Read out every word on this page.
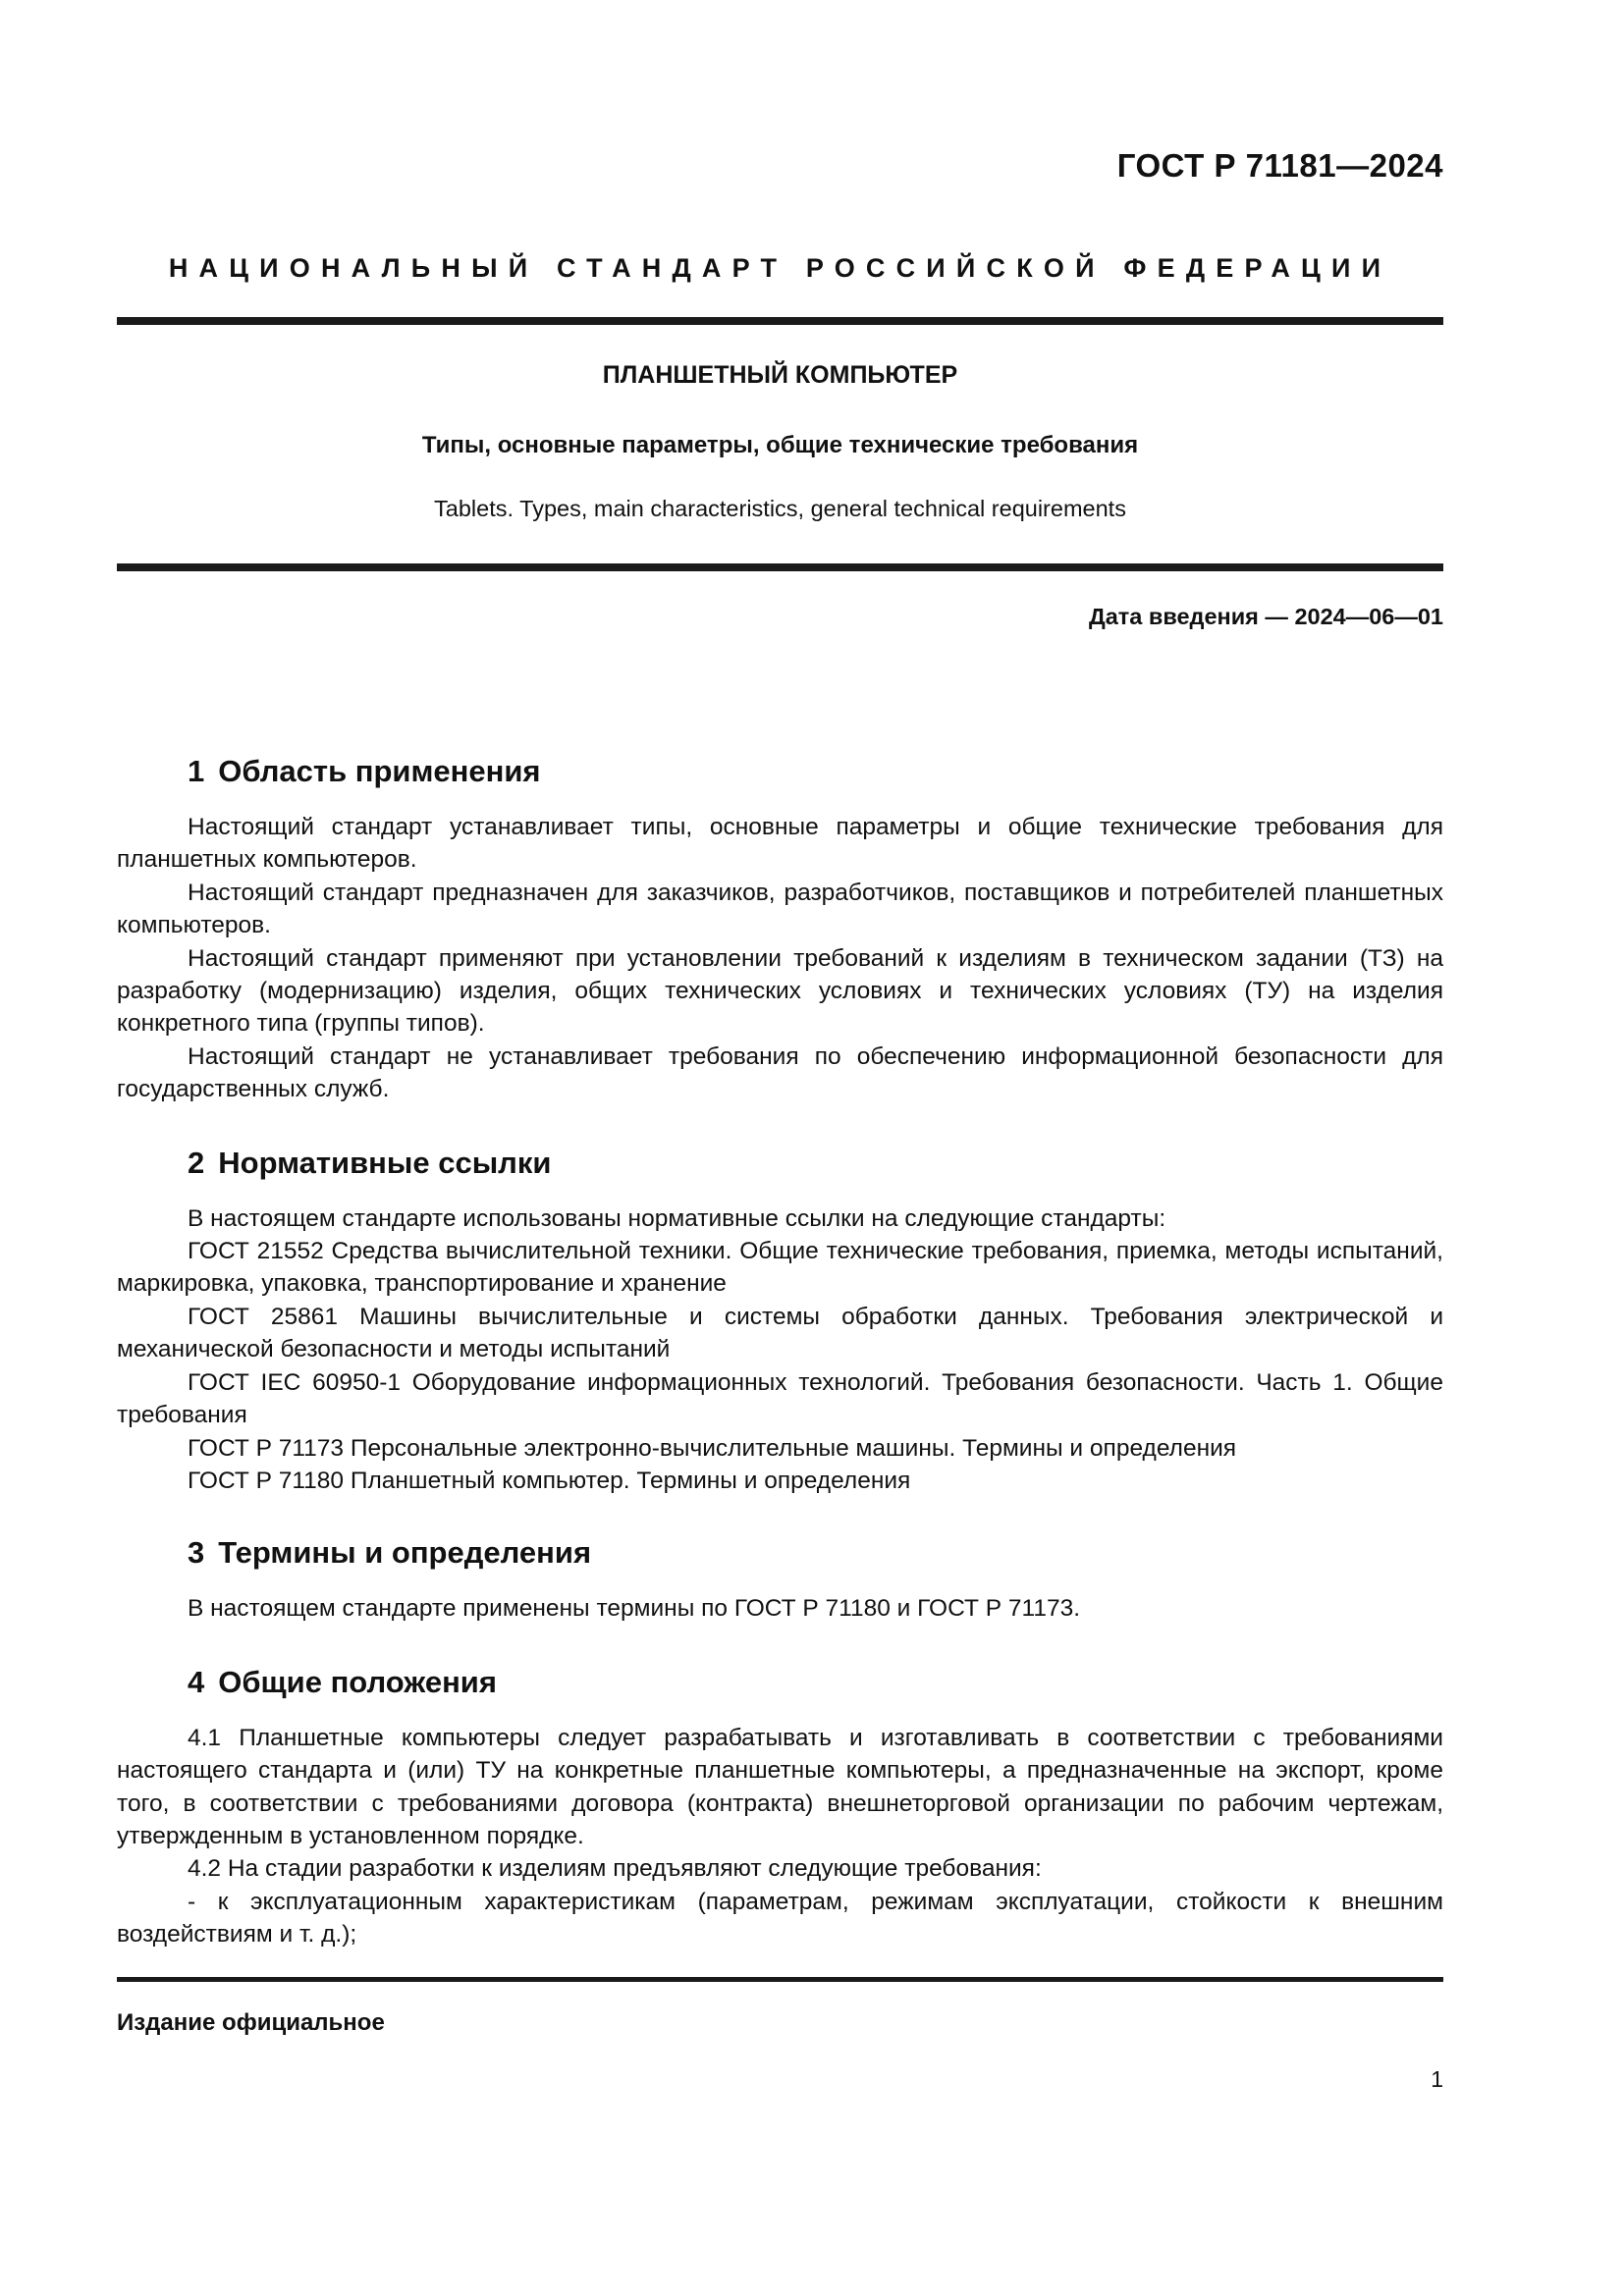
ГОСТ Р 71181—2024
НАЦИОНАЛЬНЫЙ СТАНДАРТ РОССИЙСКОЙ ФЕДЕРАЦИИ
ПЛАНШЕТНЫЙ КОМПЬЮТЕР
Типы, основные параметры, общие технические требования
Tablets. Types, main characteristics, general technical requirements
Дата введения — 2024—06—01
1 Область применения

Настоящий стандарт устанавливает типы, основные параметры и общие технические требования для планшетных компьютеров.

Настоящий стандарт предназначен для заказчиков, разработчиков, поставщиков и потребителей планшетных компьютеров.

Настоящий стандарт применяют при установлении требований к изделиям в техническом задании (ТЗ) на разработку (модернизацию) изделия, общих технических условиях и технических условиях (ТУ) на изделия конкретного типа (группы типов).

Настоящий стандарт не устанавливает требования по обеспечению информационной безопасности для государственных служб.

2 Нормативные ссылки

В настоящем стандарте использованы нормативные ссылки на следующие стандарты:

ГОСТ 21552 Средства вычислительной техники. Общие технические требования, приемка, методы испытаний, маркировка, упаковка, транспортирование и хранение

ГОСТ 25861 Машины вычислительные и системы обработки данных. Требования электрической и механической безопасности и методы испытаний

ГОСТ IEC 60950-1 Оборудование информационных технологий. Требования безопасности. Часть 1. Общие требования

ГОСТ Р 71173 Персональные электронно-вычислительные машины. Термины и определения

ГОСТ Р 71180 Планшетный компьютер. Термины и определения

3 Термины и определения

В настоящем стандарте применены термины по ГОСТ Р 71180 и ГОСТ Р 71173.

4 Общие положения

4.1 Планшетные компьютеры следует разрабатывать и изготавливать в соответствии с требованиями настоящего стандарта и (или) ТУ на конкретные планшетные компьютеры, а предназначенные на экспорт, кроме того, в соответствии с требованиями договора (контракта) внешнеторговой организации по рабочим чертежам, утвержденным в установленном порядке.

4.2 На стадии разработки к изделиям предъявляют следующие требования:

- к эксплуатационным характеристикам (параметрам, режимам эксплуатации, стойкости к внешним воздействиям и т. д.);

Издание официальное
1
